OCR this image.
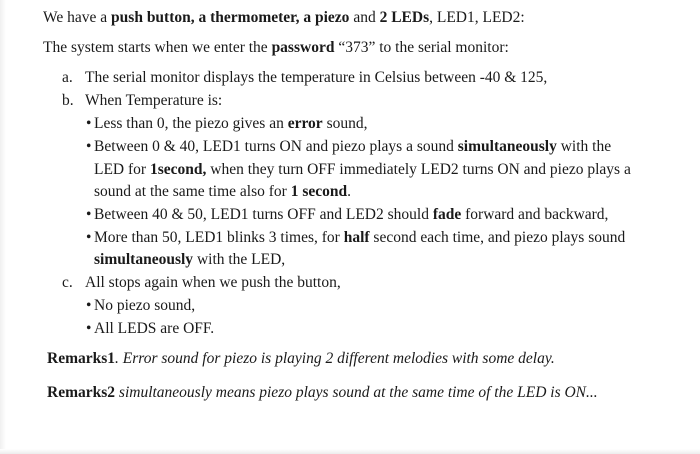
We have a push button, a thermometer, a piezo and 2 LEDs, LED1, LED2:
The system starts when we enter the password “373” to the serial monitor:
a. The serial monitor displays the temperature in Celsius between -40 & 125,
b. When Temperature is:
• Less than 0, the piezo gives an error sound,
• Between 0 & 40, LED1 turns ON and piezo plays a sound simultaneously with the
LED for 1second, when they turn OFF immediately LED2 turns ON and piezo plays a
sound at the same time also for 1 second.
• Between 40 & 50, LED1 turns OFF and LED2 should fade forward and backward,
• More than 50, LED1 blinks 3 times, for half second each time, and piezo plays sound
simultaneously with the LED,
c. All stops again when we push the button,
• No piezo sound,
• All LEDS are OFF.
Remarks1. Error sound for piezo is playing 2 different melodies with some delay.
Remarks2 simultaneously means piezo plays sound at the same time of the LED is ON...
